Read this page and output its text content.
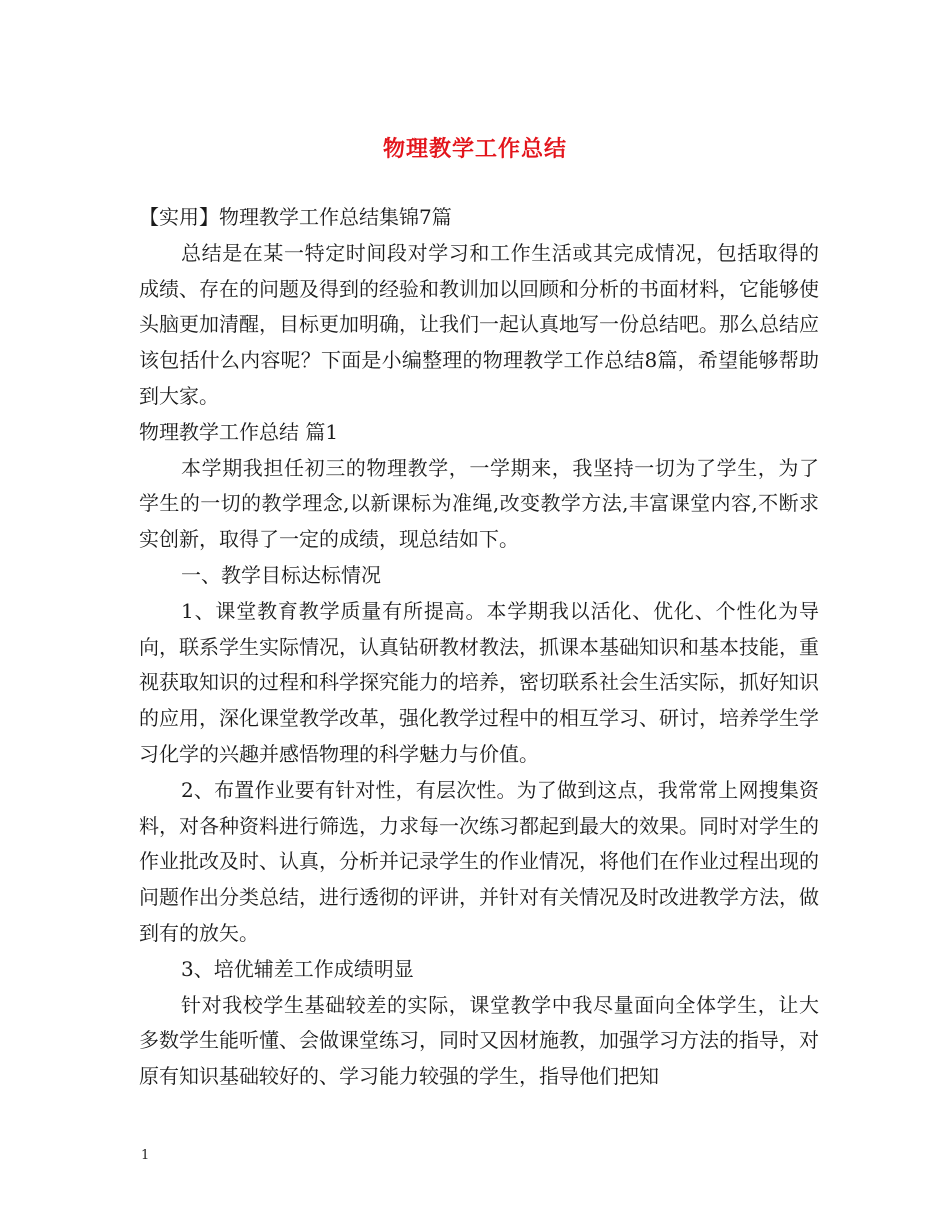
物理教学工作总结

【实用】物理教学工作总结集锦7篇

总结是在某一特定时间段对学习和工作生活或其完成情况，包括取得的成绩、存在的问题及得到的经验和教训加以回顾和分析的书面材料，它能够使头脑更加清醒，目标更加明确，让我们一起认真地写一份总结吧。那么总结应该包括什么内容呢？下面是小编整理的物理教学工作总结8篇，希望能够帮助到大家。

物理教学工作总结 篇1

本学期我担任初三的物理教学，一学期来，我坚持一切为了学生，为了学生的一切的教学理念,以新课标为准绳,改变教学方法,丰富课堂内容,不断求实创新，取得了一定的成绩，现总结如下。

一、教学目标达标情况

1、课堂教育教学质量有所提高。本学期我以活化、优化、个性化为导向，联系学生实际情况，认真钻研教材教法，抓课本基础知识和基本技能，重视获取知识的过程和科学探究能力的培养，密切联系社会生活实际，抓好知识的应用，深化课堂教学改革，强化教学过程中的相互学习、研讨，培养学生学习化学的兴趣并感悟物理的科学魅力与价值。

2、布置作业要有针对性，有层次性。为了做到这点，我常常上网搜集资料，对各种资料进行筛选，力求每一次练习都起到最大的效果。同时对学生的作业批改及时、认真，分析并记录学生的作业情况，将他们在作业过程出现的问题作出分类总结，进行透彻的评讲，并针对有关情况及时改进教学方法，做到有的放矢。

3、培优辅差工作成绩明显

针对我校学生基础较差的实际，课堂教学中我尽量面向全体学生，让大多数学生能听懂、会做课堂练习，同时又因材施教，加强学习方法的指导，对原有知识基础较好的、学习能力较强的学生，指导他们把知

1
